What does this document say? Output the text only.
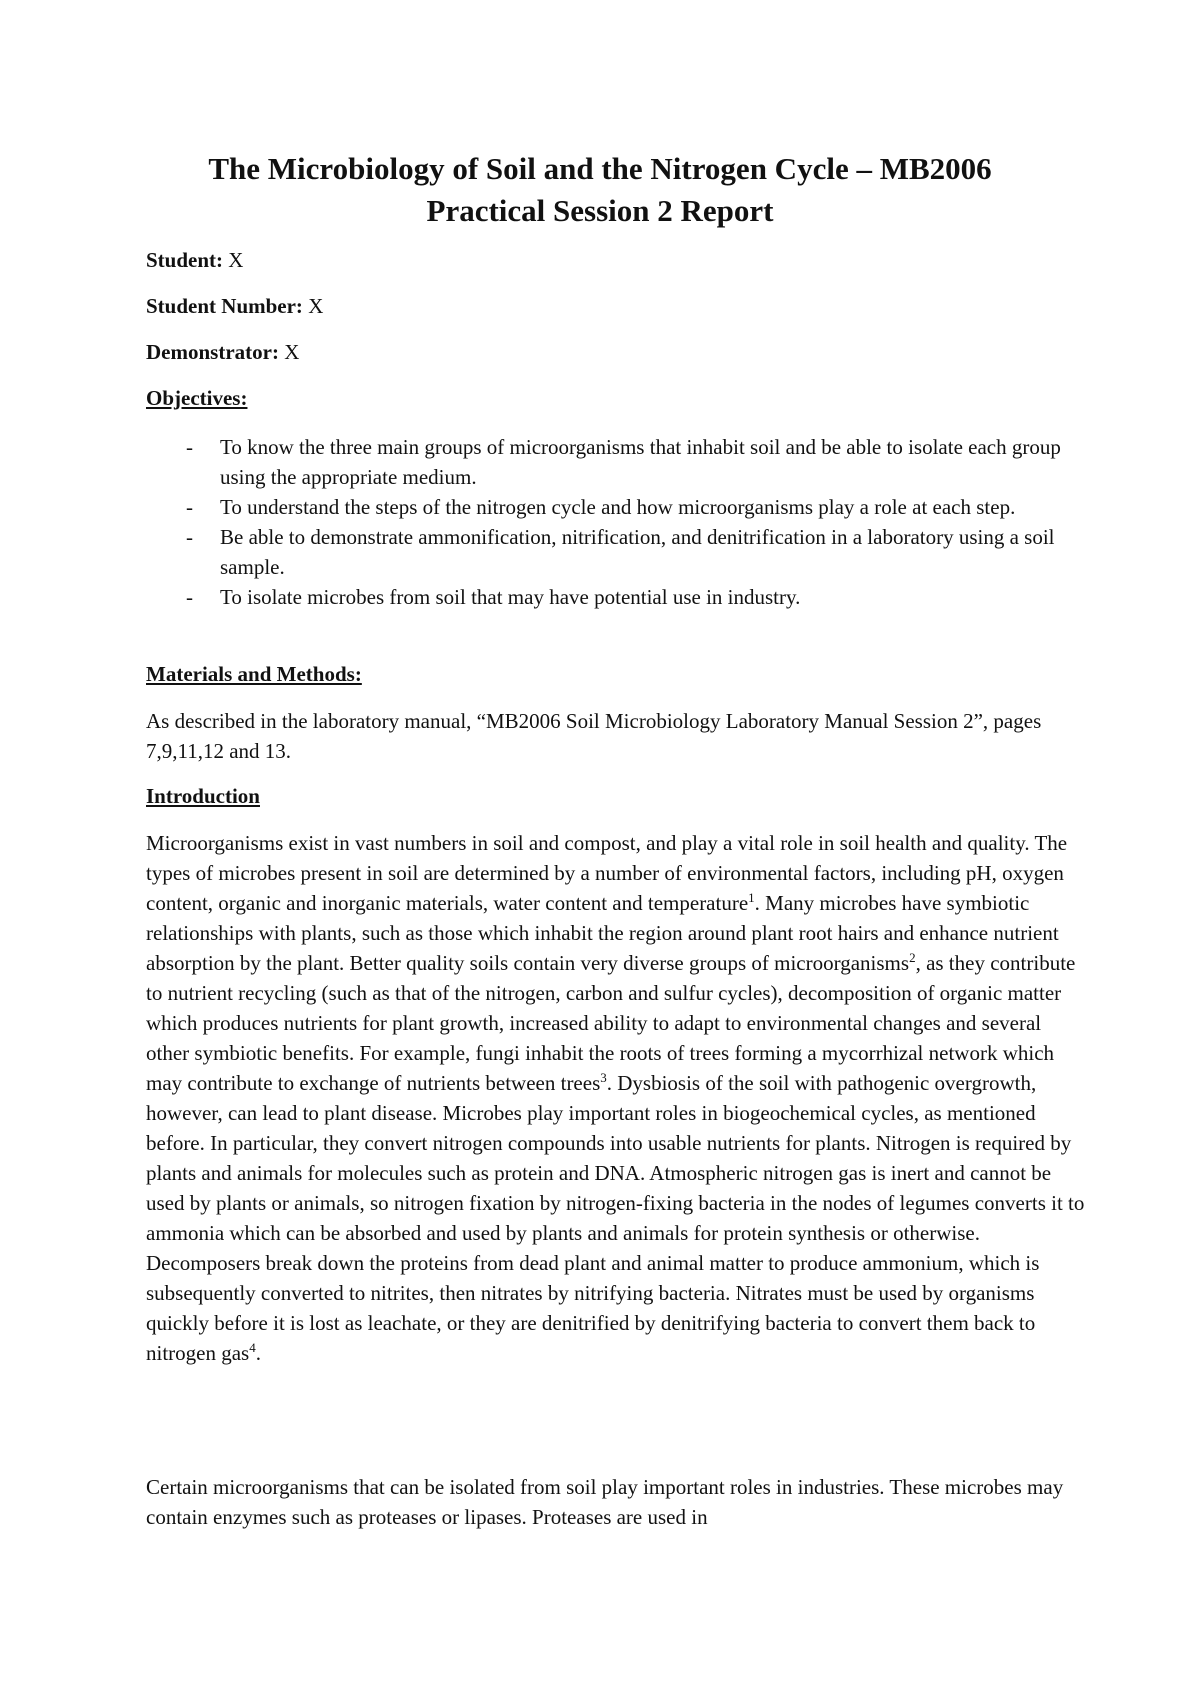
The Microbiology of Soil and the Nitrogen Cycle – MB2006
Practical Session 2 Report

Student: X

Student Number: X

Demonstrator: X

Objectives:

- To know the three main groups of microorganisms that inhabit soil and be able to isolate each group using the appropriate medium.
- To understand the steps of the nitrogen cycle and how microorganisms play a role at each step.
- Be able to demonstrate ammonification, nitrification, and denitrification in a laboratory using a soil sample.
- To isolate microbes from soil that may have potential use in industry.

Materials and Methods:

As described in the laboratory manual, “MB2006 Soil Microbiology Laboratory Manual Session 2”, pages 7,9,11,12 and 13.

Introduction

Microorganisms exist in vast numbers in soil and compost, and play a vital role in soil health and quality. The types of microbes present in soil are determined by a number of environmental factors, including pH, oxygen content, organic and inorganic materials, water content and temperature$^1$. Many microbes have symbiotic relationships with plants, such as those which inhabit the region around plant root hairs and enhance nutrient absorption by the plant. Better quality soils contain very diverse groups of microorganisms$^2$, as they contribute to nutrient recycling (such as that of the nitrogen, carbon and sulfur cycles), decomposition of organic matter which produces nutrients for plant growth, increased ability to adapt to environmental changes and several other symbiotic benefits. For example, fungi inhabit the roots of trees forming a mycorrhizal network which may contribute to exchange of nutrients between trees$^3$. Dysbiosis of the soil with pathogenic overgrowth, however, can lead to plant disease. Microbes play important roles in biogeochemical cycles, as mentioned before. In particular, they convert nitrogen compounds into usable nutrients for plants. Nitrogen is required by plants and animals for molecules such as protein and DNA. Atmospheric nitrogen gas is inert and cannot be used by plants or animals, so nitrogen fixation by nitrogen-fixing bacteria in the nodes of legumes converts it to ammonia which can be absorbed and used by plants and animals for protein synthesis or otherwise. Decomposers break down the proteins from dead plant and animal matter to produce ammonium, which is subsequently converted to nitrites, then nitrates by nitrifying bacteria. Nitrates must be used by organisms quickly before it is lost as leachate, or they are denitrified by denitrifying bacteria to convert them back to nitrogen gas$^4$.

Certain microorganisms that can be isolated from soil play important roles in industries. These microbes may contain enzymes such as proteases or lipases. Proteases are used in
